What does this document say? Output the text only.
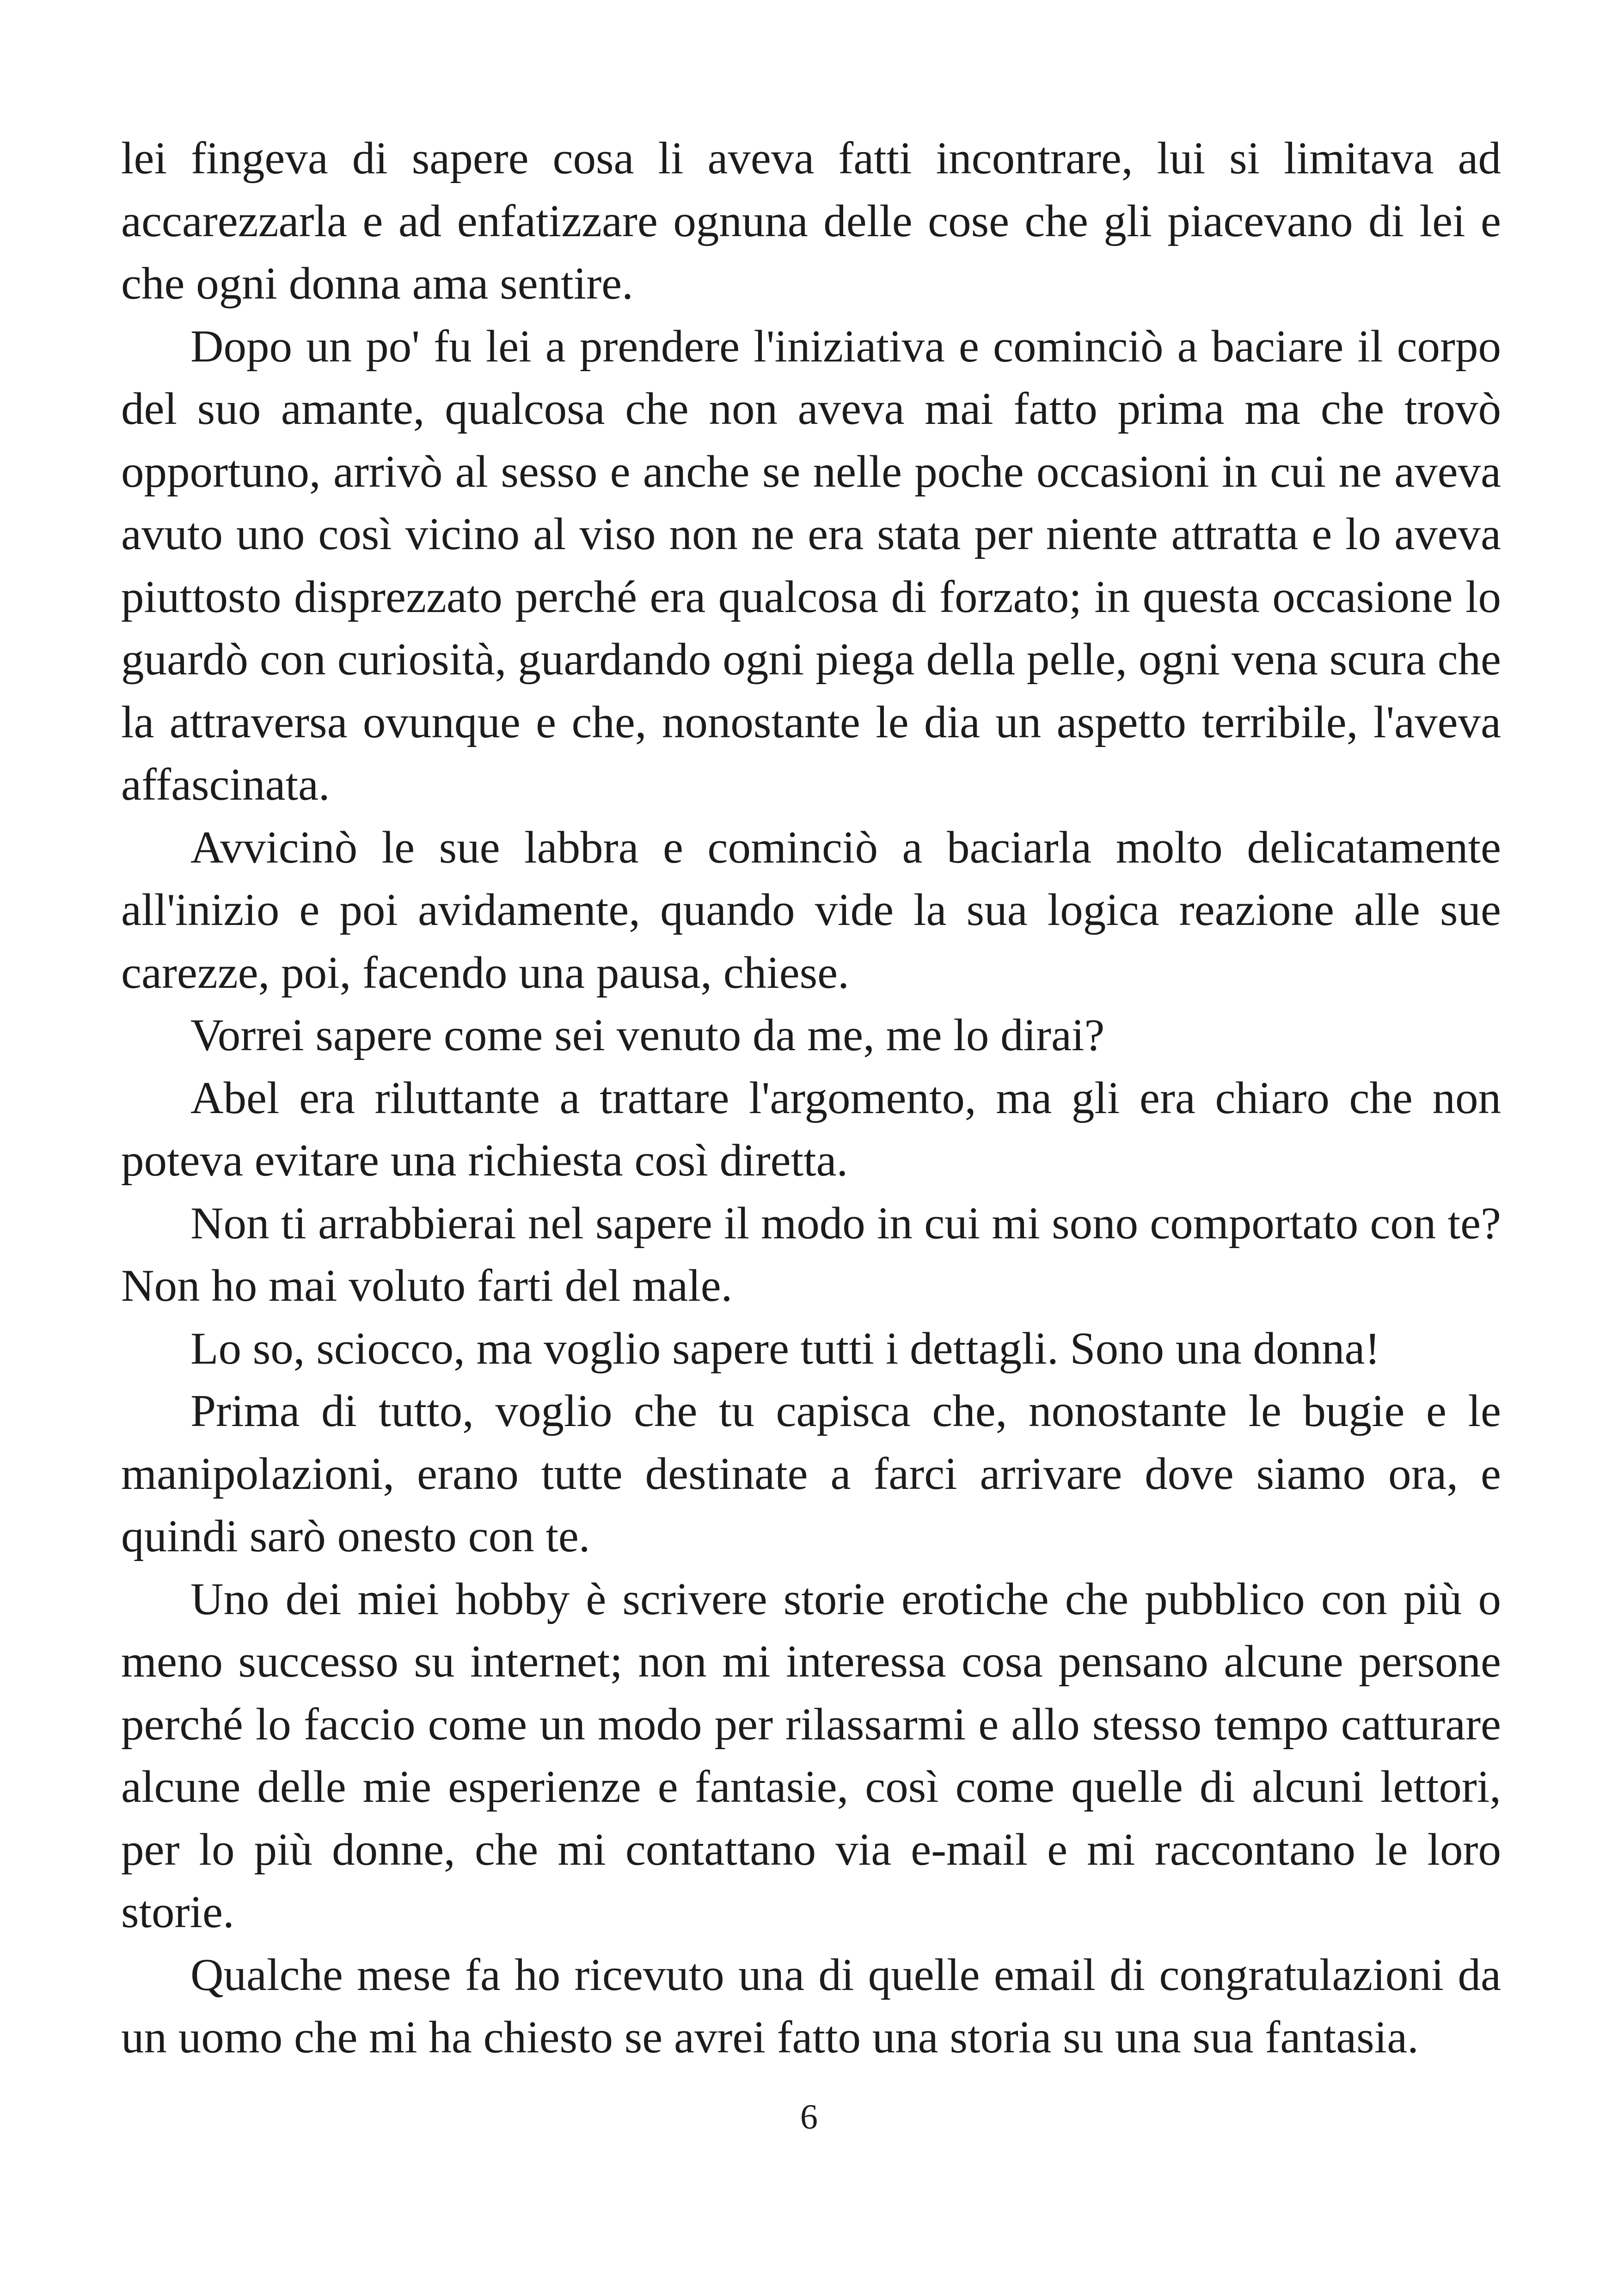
lei fingeva di sapere cosa li aveva fatti incontrare, lui si limitava ad accarezzarla e ad enfatizzare ognuna delle cose che gli piacevano di lei e che ogni donna ama sentire.

Dopo un po' fu lei a prendere l'iniziativa e cominciò a baciare il corpo del suo amante, qualcosa che non aveva mai fatto prima ma che trovò opportuno, arrivò al sesso e anche se nelle poche occasioni in cui ne aveva avuto uno così vicino al viso non ne era stata per niente attratta e lo aveva piuttosto disprezzato perché era qualcosa di forzato; in questa occasione lo guardò con curiosità, guardando ogni piega della pelle, ogni vena scura che la attraversa ovunque e che, nonostante le dia un aspetto terribile, l'aveva affascinata.

Avvicinò le sue labbra e cominciò a baciarla molto delicatamente all'inizio e poi avidamente, quando vide la sua logica reazione alle sue carezze, poi, facendo una pausa, chiese.

Vorrei sapere come sei venuto da me, me lo dirai?

Abel era riluttante a trattare l'argomento, ma gli era chiaro che non poteva evitare una richiesta così diretta.

Non ti arrabbierai nel sapere il modo in cui mi sono comportato con te? Non ho mai voluto farti del male.

Lo so, sciocco, ma voglio sapere tutti i dettagli. Sono una donna!

Prima di tutto, voglio che tu capisca che, nonostante le bugie e le manipolazioni, erano tutte destinate a farci arrivare dove siamo ora, e quindi sarò onesto con te.

Uno dei miei hobby è scrivere storie erotiche che pubblico con più o meno successo su internet; non mi interessa cosa pensano alcune persone perché lo faccio come un modo per rilassarmi e allo stesso tempo catturare alcune delle mie esperienze e fantasie, così come quelle di alcuni lettori, per lo più donne, che mi contattano via e-mail e mi raccontano le loro storie.

Qualche mese fa ho ricevuto una di quelle email di congratulazioni da un uomo che mi ha chiesto se avrei fatto una storia su una sua fantasia.

6
